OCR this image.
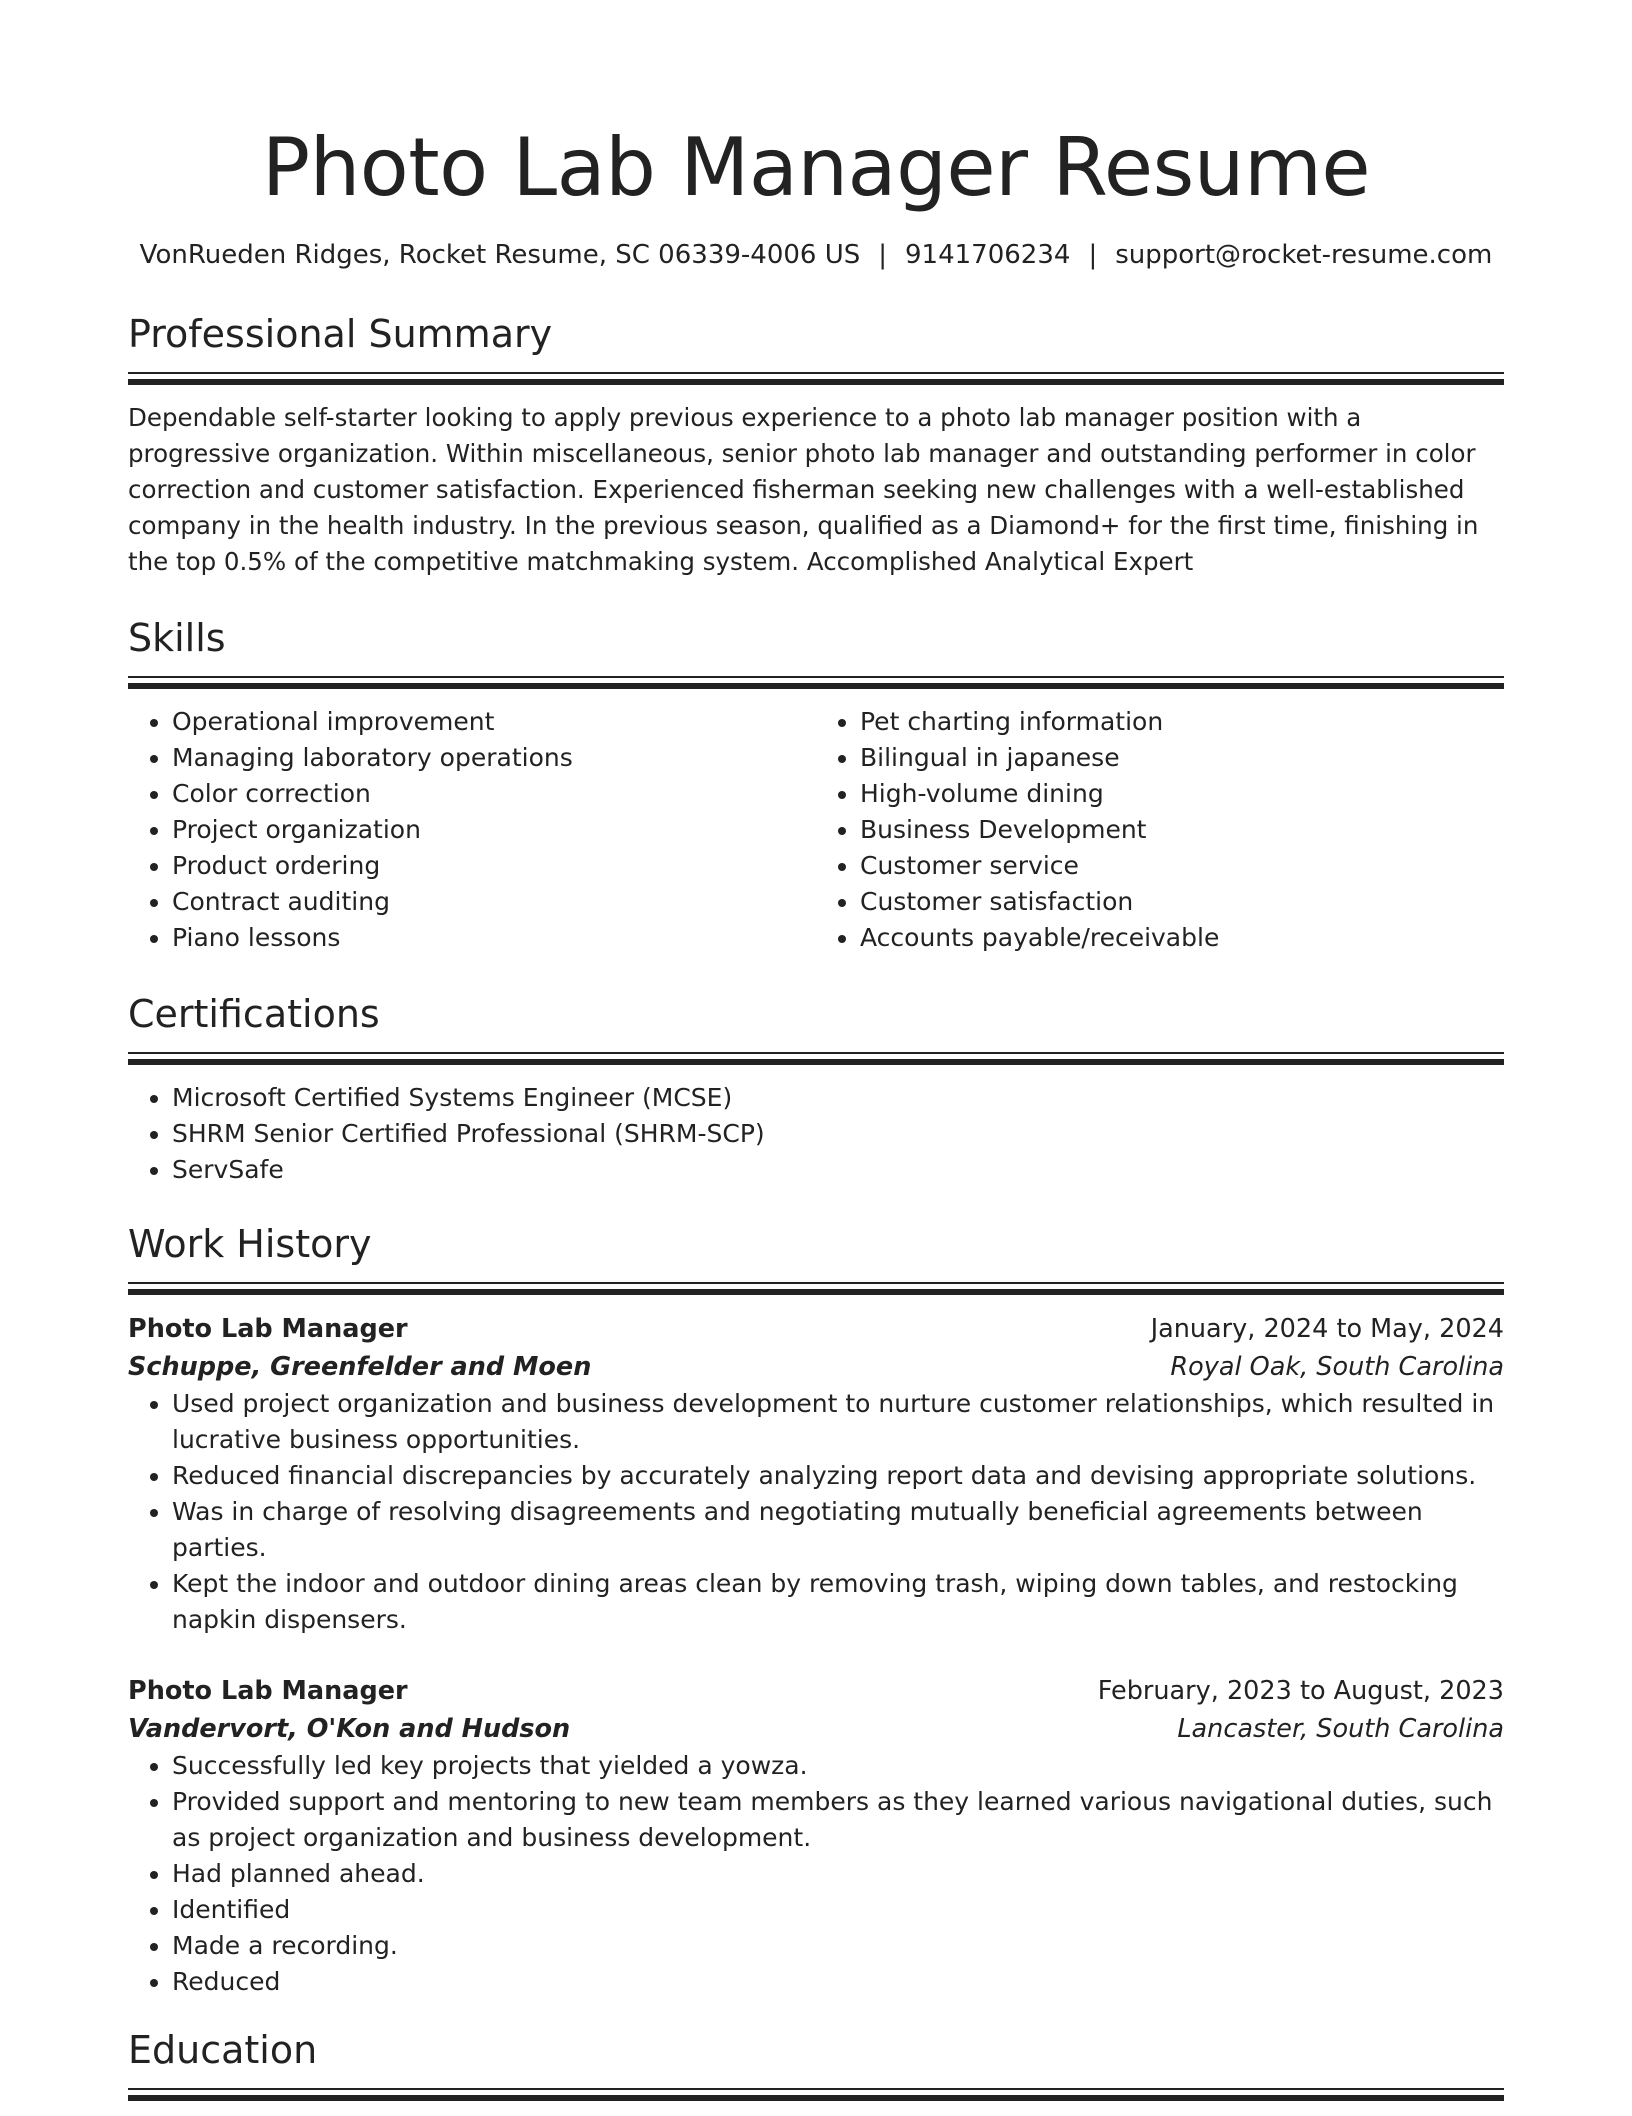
Photo Lab Manager Resume
VonRueden Ridges, Rocket Resume, SC 06339-4006 US | 9141706234 | support@rocket-resume.com
Professional Summary

Dependable self-starter looking to apply previous experience to a photo lab manager position with a progressive organization. Within miscellaneous, senior photo lab manager and outstanding performer in color correction and customer satisfaction. Experienced fisherman seeking new challenges with a well-established company in the health industry. In the previous season, qualified as a Diamond+ for the first time, finishing in the top 0.5% of the competitive matchmaking system. Accomplished Analytical Expert

Skills
• Operational improvement
• Managing laboratory operations
• Color correction
• Project organization
• Product ordering
• Contract auditing
• Piano lessons
• Pet charting information
• Bilingual in japanese
• High-volume dining
• Business Development
• Customer service
• Customer satisfaction
• Accounts payable/receivable
Certifications
• Microsoft Certified Systems Engineer (MCSE)
• SHRM Senior Certified Professional (SHRM-SCP)
• ServSafe
Work History
Photo Lab Manager	January, 2024 to May, 2024
Schuppe, Greenfelder and Moen	Royal Oak, South Carolina
• Used project organization and business development to nurture customer relationships, which resulted in lucrative business opportunities.
• Reduced financial discrepancies by accurately analyzing report data and devising appropriate solutions.
• Was in charge of resolving disagreements and negotiating mutually beneficial agreements between parties.
• Kept the indoor and outdoor dining areas clean by removing trash, wiping down tables, and restocking napkin dispensers.
Photo Lab Manager	February, 2023 to August, 2023
Vandervort, O'Kon and Hudson	Lancaster, South Carolina
• Successfully led key projects that yielded a yowza.
• Provided support and mentoring to new team members as they learned various navigational duties, such as project organization and business development.
• Had planned ahead.
• Identified
• Made a recording.
• Reduced
Education
